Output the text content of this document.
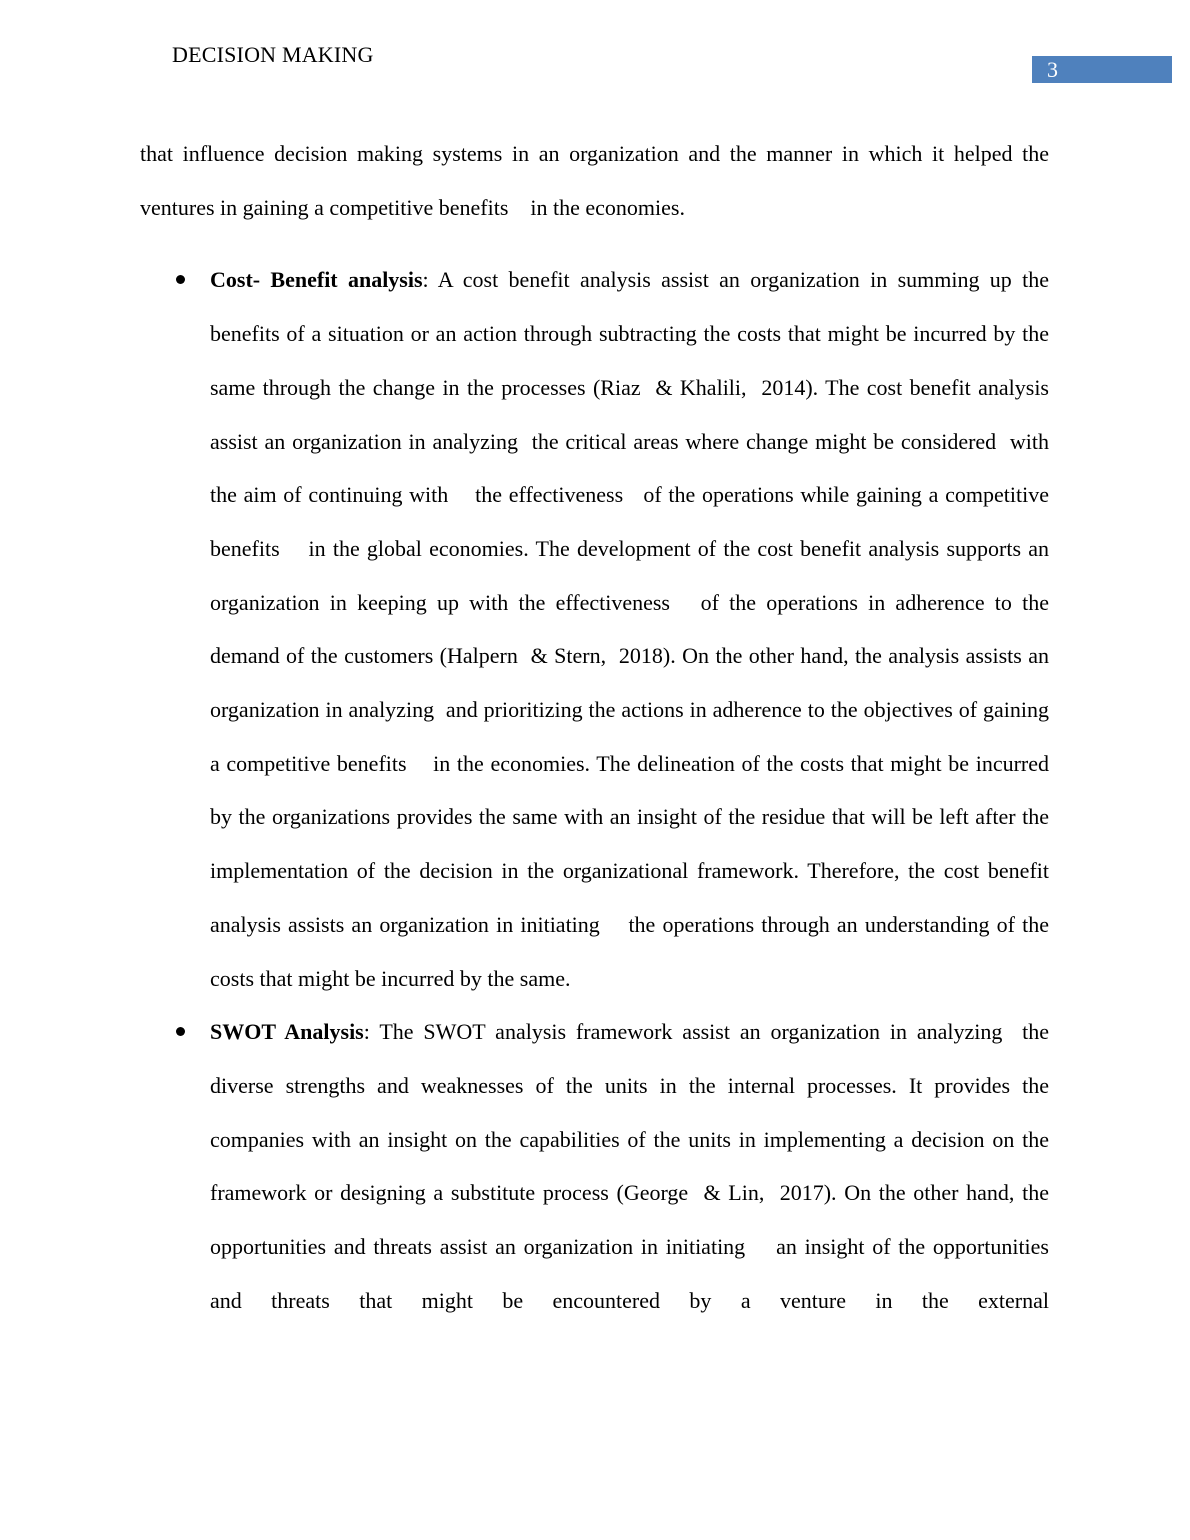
DECISION MAKING
3

that influence decision making systems in an organization and the manner in which it helped the ventures in gaining a competitive benefits    in the economies.

Cost- Benefit analysis: A cost benefit analysis assist an organization in summing up the benefits of a situation or an action through subtracting the costs that might be incurred by the same through the change in the processes (Riaz  & Khalili,  2014). The cost benefit analysis  assist an organization in analyzing  the critical areas where change might be considered  with the aim of continuing with    the effectiveness   of the operations while gaining a competitive benefits    in the global economies. The development of the cost benefit analysis supports an organization in keeping up with the effectiveness   of the operations in adherence to the demand of the customers (Halpern  & Stern,  2018). On the other hand, the analysis assists an organization in analyzing  and prioritizing the actions in adherence to the objectives of gaining a competitive benefits    in the economies. The delineation of the costs that might be incurred by the organizations provides the same with an insight of the residue that will be left after the implementation of the decision in the organizational framework. Therefore, the cost benefit analysis assists an organization in initiating    the operations through an understanding of the costs that might be incurred by the same.
SWOT Analysis: The SWOT analysis framework assist an organization in analyzing  the diverse strengths and weaknesses of the units in the internal processes. It provides the companies with an insight on the capabilities of the units in implementing a decision on the framework or designing a substitute process (George  & Lin,  2017). On the other hand, the opportunities and threats assist an organization in initiating    an insight of the opportunities and threats that might be encountered by a venture in the external
